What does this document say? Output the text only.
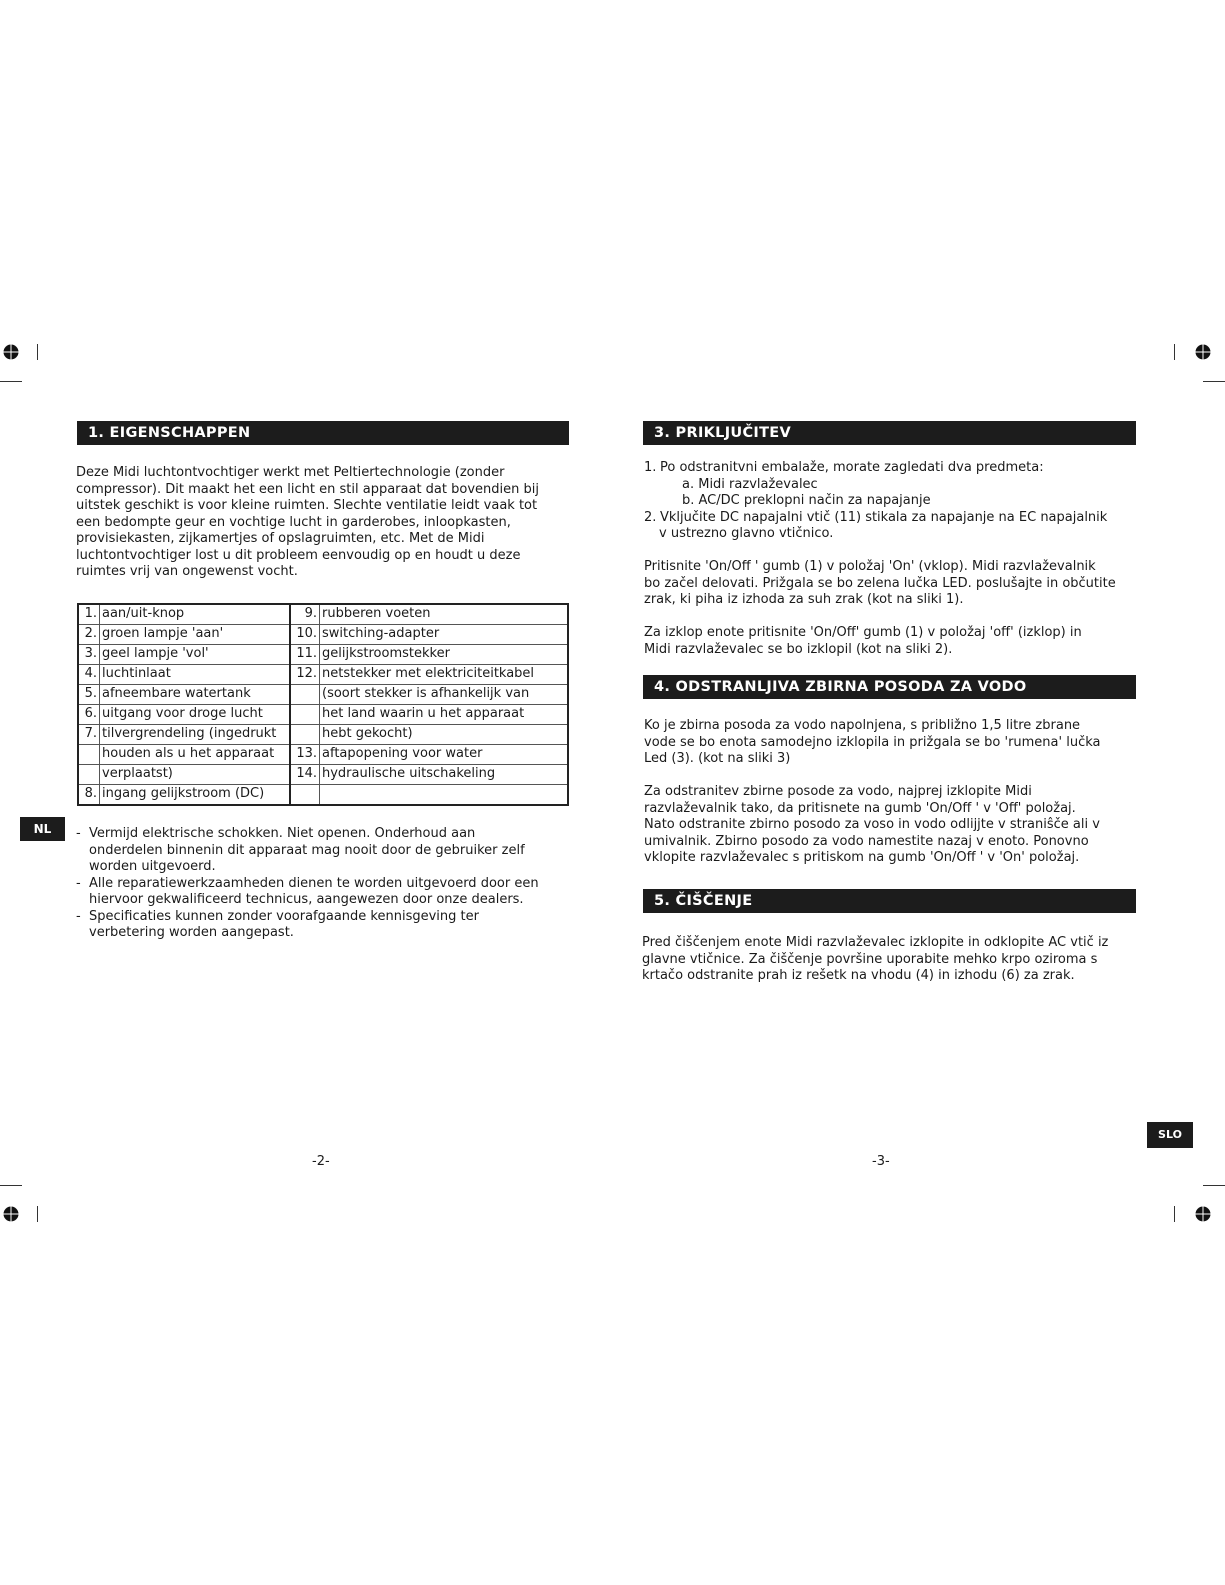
1. EIGENSCHAPPEN

Deze Midi luchtontvochtiger werkt met Peltiertechnologie (zonder

compressor). Dit maakt het een licht en stil apparaat dat bovendien bij

uitstek geschikt is voor kleine ruimten. Slechte ventilatie leidt vaak tot

een bedompte geur en vochtige lucht in garderobes, inloopkasten,

provisiekasten, zijkamertjes of opslagruimten, etc. Met de Midi

luchtontvochtiger lost u dit probleem eenvoudig op en houdt u deze

ruimtes vrij van ongewenst vocht.

1.	aan/uit-knop	9.	rubberen voeten
2.	groen lampje 'aan'	10.	switching-adapter
3.	geel lampje 'vol'	11.	gelijkstroomstekker
4.	luchtinlaat	12.	netstekker met elektriciteitkabel
5.	afneembare watertank		(soort stekker is afhankelijk van
6.	uitgang voor droge lucht		het land waarin u het apparaat
7.	tilvergrendeling (ingedrukt		hebt gekocht)
	houden als u het apparaat	13.	aftapopening voor water
	verplaatst)	14.	hydraulische uitschakeling
8.	ingang gelijkstroom (DC)		
NL	- Vermijd elektrische schokken. Niet openen. Onderhoud aan

onderdelen binnenin dit apparaat mag nooit door de gebruiker zelf

worden uitgevoerd.

- Alle reparatiewerkzaamheden dienen te worden uitgevoerd door een

hiervoor gekwalificeerd technicus, aangewezen door onze dealers.

- Specificaties kunnen zonder voorafgaande kennisgeving ter

verbetering worden aangepast.

-2-
3. PRIKLJUČITEV
1. Po odstranitvni embalaže, morate zagledati dva predmeta:
a. Midi razvlaževalec
b. AC/DC preklopni način za napajanje
2. Vključite DC napajalni vtič (11) stikala za napajanje na EC napajalnik
v ustrezno glavno vtičnico.

Pritisnite 'On/Off ' gumb (1) v položaj 'On' (vklop). Midi razvlaževalnik

bo začel delovati. Prižgala se bo zelena lučka LED. poslušajte in občutite

zrak, ki piha iz izhoda za suh zrak (kot na sliki 1).

Za izklop enote pritisnite 'On/Off' gumb (1) v položaj 'off' (izklop) in

Midi razvlaževalec se bo izklopil (kot na sliki 2).

4. ODSTRANLJIVA ZBIRNA POSODA ZA VODO

Ko je zbirna posoda za vodo napolnjena, s približno 1,5 litre zbrane

vode se bo enota samodejno izklopila in prižgala se bo 'rumena' lučka

Led (3). (kot na sliki 3)

Za odstranitev zbirne posode za vodo, najprej izklopite Midi

razvlaževalnik tako, da pritisnete na gumb 'On/Off ' v 'Off' položaj.

Nato odstranite zbirno posodo za voso in vodo odlijjte v straniŝče ali v

umivalnik. Zbirno posodo za vodo namestite nazaj v enoto. Ponovno

vklopite razvlaževalec s pritiskom na gumb 'On/Off ' v 'On' položaj.

5. ČIŠČENJE

Pred čiščenjem enote Midi razvlaževalec izklopite in odklopite AC vtič iz

glavne vtičnice. Za čiščenje površine uporabite mehko krpo oziroma s

krtačo odstranite prah iz rešetk na vhodu (4) in izhodu (6) za zrak.

SLO
-3-
